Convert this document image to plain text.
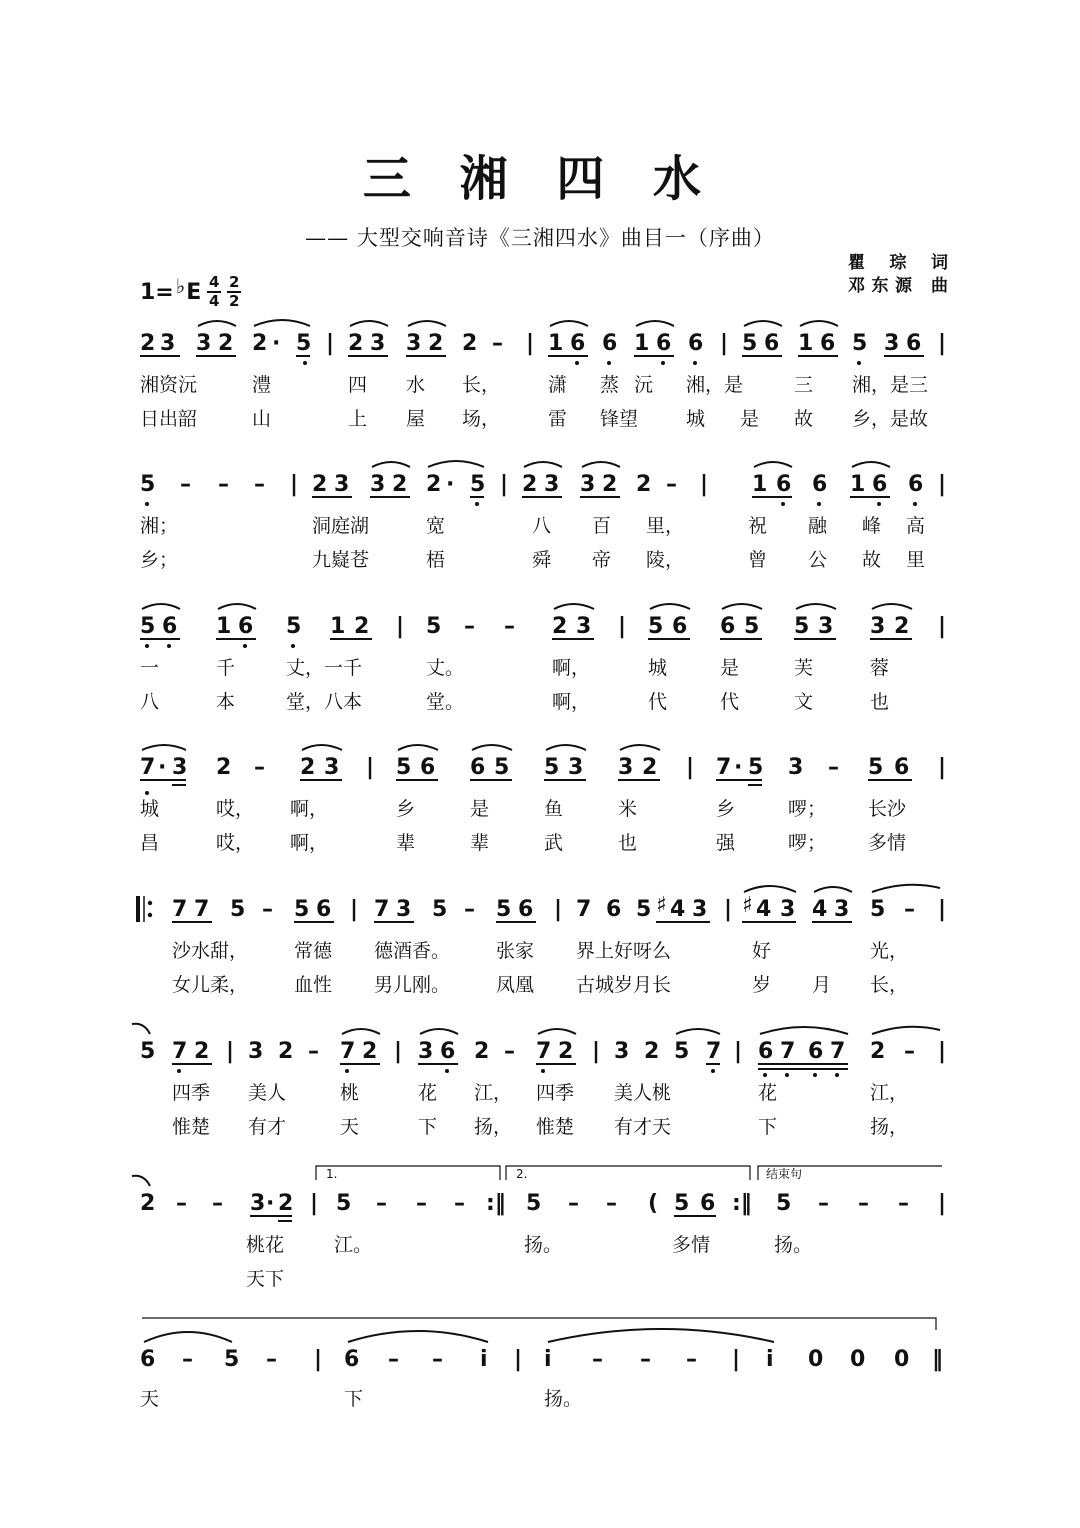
三 湘 四 水
—— 大型交响音诗《三湘四水》曲目一（序曲）
瞿 琮 词
邓东源 曲
1= ♭ E $\frac{4}{4} \frac{2}{2}$
2 3 3 2 2 · 5 | 2 3 3 2 2 – | 1 6 6 1 6 6 | 5 6 1 6 5 3 6 |
湘资沅	澧	四 水 长，	潇 蒸 沅 湘，是	三 湘，是三
日出韶	山	上 屋 场，	雷 锋望	城 是 故 乡，是故
5 – – – | 2 3 3 2 2 · 5 | 2 3 3 2 2 – | 1 6 6 1 6 6 |
湘；	洞庭湖	宽	八 百 里，	祝 融 峰 高
乡；	九嶷苍	梧	舜 帝 陵，	曾 公 故 里
5 6 1 6 5 1 2 | 5 – – 2 3 | 5 6 6 5 5 3 3 2 |
一	千	丈，一千	丈。	啊，	城	是	芙	蓉
八	本	堂，八本	堂。	啊，	代	代	文	也
7 · 3 2 – 2 3 | 5 6 6 5 5 3 3 2 | 7 · 5 3 – 5 6 |
城	哎， 啊，	乡	是	鱼	米	乡	啰； 长沙
昌	哎， 啊，	辈	辈	武	也	强	啰； 多情
7 7 5 – 5 6 | 7 3 5 – 5 6 | 7 6 5 ♯ 4 3 | ♯ 4 3 4 3 5 – |
沙水甜， 常德 德酒香。 张家 界上好呀么	好	光，
女儿柔， 血性 男儿刚。 凤凰 古城岁月长	岁 月 长，
5 7 2 | 3 2 – 7 2 | 3 6 2 – 7 2 | 3 2 5 7 | 6 7 6 7 2 – |
四季 美人	桃	花 江， 四季 美人桃	花	江，
惟楚 有才	天	下 扬， 惟楚 有才天	下	扬，
1.	2.	结束句
2 – – 3 · 2 | 5 – – – :‖ 5 – – ( 5 6 :‖ 5 – – – |
桃花	江。	扬。	多情	扬。
天下
6 – 5 – | 6 – – i | i – – – | i 0 0 0 ‖
天	下	扬。
